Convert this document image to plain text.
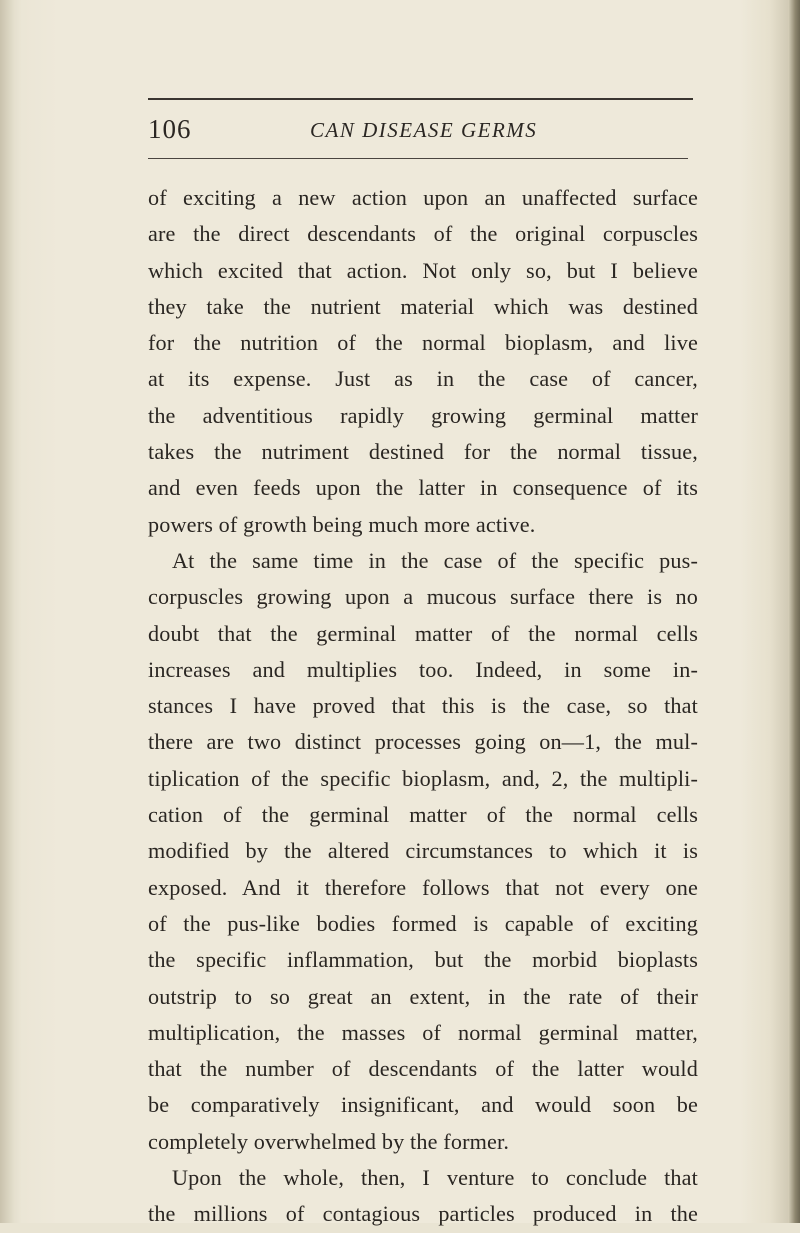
106	CAN DISEASE GERMS
of exciting a new action upon an unaffected surface
are the direct descendants of the original corpuscles
which excited that action. Not only so, but I believe
they take the nutrient material which was destined
for the nutrition of the normal bioplasm, and live
at its expense. Just as in the case of cancer,
the adventitious rapidly growing germinal matter
takes the nutriment destined for the normal tissue,
and even feeds upon the latter in consequence of its
powers of growth being much more active.
At the same time in the case of the specific pus-
corpuscles growing upon a mucous surface there is no
doubt that the germinal matter of the normal cells
increases and multiplies too. Indeed, in some in-
stances I have proved that this is the case, so that
there are two distinct processes going on—1, the mul-
tiplication of the specific bioplasm, and, 2, the multipli-
cation of the germinal matter of the normal cells
modified by the altered circumstances to which it is
exposed. And it therefore follows that not every one
of the pus-like bodies formed is capable of exciting
the specific inflammation, but the morbid bioplasts
outstrip to so great an extent, in the rate of their
multiplication, the masses of normal germinal matter,
that the number of descendants of the latter would
be comparatively insignificant, and would soon be
completely overwhelmed by the former.
Upon the whole, then, I venture to conclude that
the millions of contagious particles produced in the
